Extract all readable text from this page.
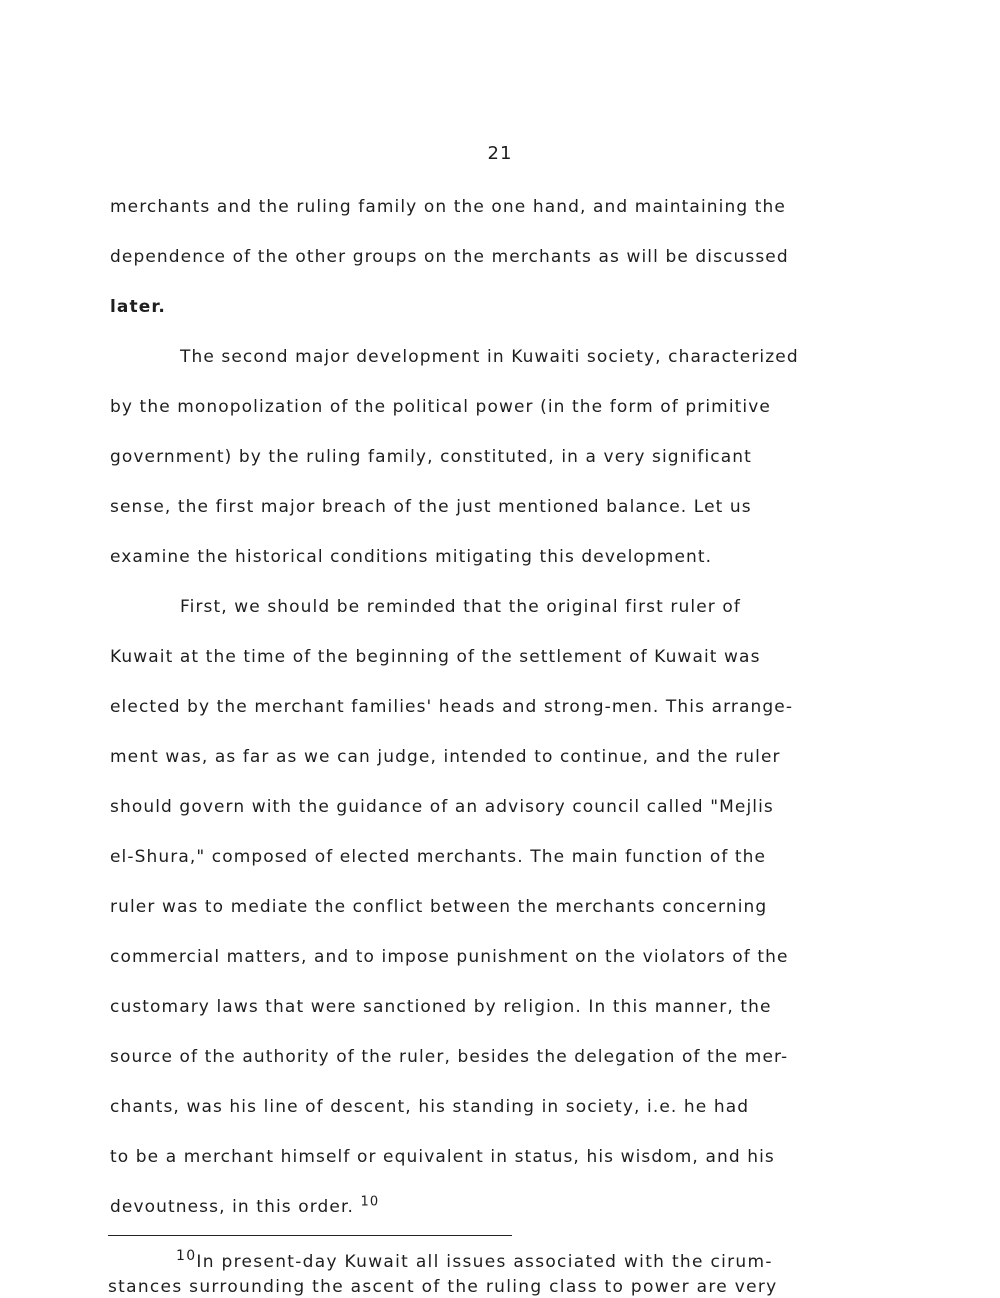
21
merchants and the ruling family on the one hand, and maintaining the
dependence of the other groups on the merchants as will be discussed
later.
The second major development in Kuwaiti society, characterized
by the monopolization of the political power (in the form of primitive
government) by the ruling family, constituted, in a very significant
sense, the first major breach of the just mentioned balance. Let us
examine the historical conditions mitigating this development.
First, we should be reminded that the original first ruler of
Kuwait at the time of the beginning of the settlement of Kuwait was
elected by the merchant families' heads and strong-men. This arrange-
ment was, as far as we can judge, intended to continue, and the ruler
should govern with the guidance of an advisory council called "Mejlis
el-Shura," composed of elected merchants. The main function of the
ruler was to mediate the conflict between the merchants concerning
commercial matters, and to impose punishment on the violators of the
customary laws that were sanctioned by religion. In this manner, the
source of the authority of the ruler, besides the delegation of the mer-
chants, was his line of descent, his standing in society, i.e. he had
to be a merchant himself or equivalent in status, his wisdom, and his
devoutness, in this order. $^{10}$
$^{10}$In present-day Kuwait all issues associated with the cirum-
stances surrounding the ascent of the ruling class to power are very
